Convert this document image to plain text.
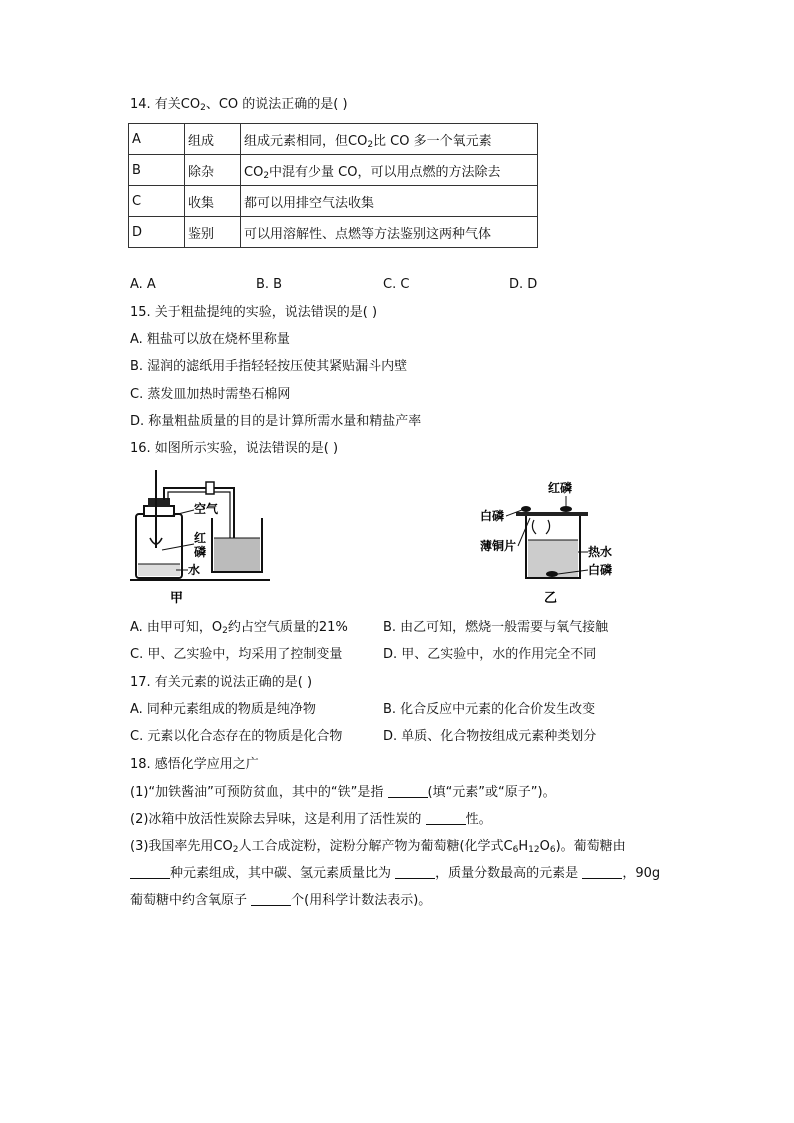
14. 有关$CO_2$、CO 的说法正确的是( )
A	组成	组成元素相同，但$CO_2$比 CO 多一个氧元素
B	除杂	$CO_2$中混有少量 CO，可以用点燃的方法除去
C	收集	都可以用排空气法收集
D	鉴别	可以用溶解性、点燃等方法鉴别这两种气体
A. A	B. B	C. C	D. D
15. 关于粗盐提纯的实验，说法错误的是( )
A. 粗盐可以放在烧杯里称量
B. 湿润的滤纸用手指轻轻按压使其紧贴漏斗内壁
C. 蒸发皿加热时需垫石棉网
D. 称量粗盐质量的目的是计算所需水量和精盐产率
16. 如图所示实验，说法错误的是( )
空气
红
磷
水
甲
红磷
白磷
薄铜片	热水
白磷
乙
A. 由甲可知，$O_2$约占空气质量的21%	B. 由乙可知，燃烧一般需要与氧气接触
C. 甲、乙实验中，均采用了控制变量	D. 甲、乙实验中，水的作用完全不同
17. 有关元素的说法正确的是( )
A. 同种元素组成的物质是纯净物	B. 化合反应中元素的化合价发生改变
C. 元素以化合态存在的物质是化合物	D. 单质、化合物按组成元素种类划分
18. 感悟化学应用之广
(1)“加铁酱油”可预防贫血，其中的“铁”是指	(填“元素”或“原子”)。
(2)冰箱中放活性炭除去异味，这是利用了活性炭的	性。
(3)我国率先用$CO_2$人工合成淀粉，淀粉分解产物为葡萄糖(化学式$C_6H_{12}O_6$)。葡萄糖由
种元素组成，其中碳、氢元素质量比为	，质量分数最高的元素是	，90g
葡萄糖中约含氧原子	个(用科学计数法表示)。
